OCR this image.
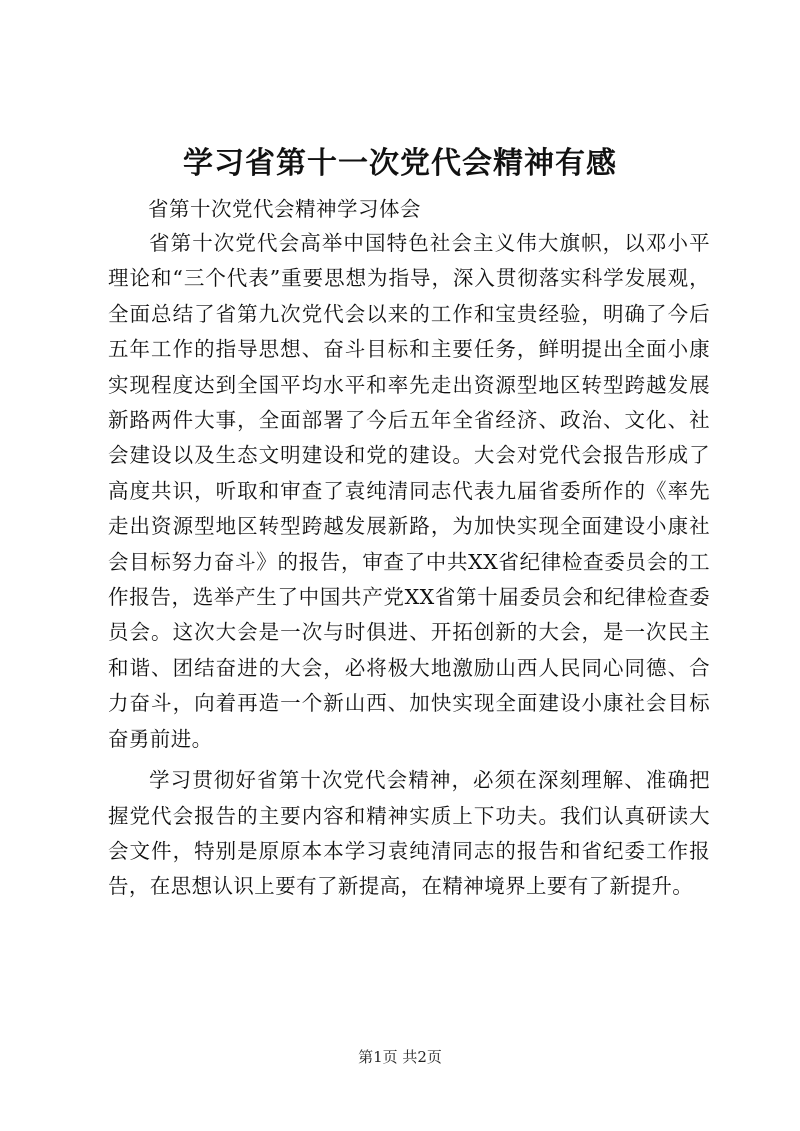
学习省第十一次党代会精神有感
省第十次党代会精神学习体会

省第十次党代会高举中国特色社会主义伟大旗帜，以邓小平理论和“三个代表”重要思想为指导，深入贯彻落实科学发展观，全面总结了省第九次党代会以来的工作和宝贵经验，明确了今后五年工作的指导思想、奋斗目标和主要任务，鲜明提出全面小康实现程度达到全国平均水平和率先走出资源型地区转型跨越发展新路两件大事，全面部署了今后五年全省经济、政治、文化、社会建设以及生态文明建设和党的建设。大会对党代会报告形成了高度共识，听取和审查了袁纯清同志代表九届省委所作的《率先走出资源型地区转型跨越发展新路，为加快实现全面建设小康社会目标努力奋斗》的报告，审查了中共XX省纪律检查委员会的工作报告，选举产生了中国共产党XX省第十届委员会和纪律检查委员会。这次大会是一次与时俱进、开拓创新的大会，是一次民主和谐、团结奋进的大会，必将极大地激励山西人民同心同德、合力奋斗，向着再造一个新山西、加快实现全面建设小康社会目标奋勇前进。

学习贯彻好省第十次党代会精神，必须在深刻理解、准确把握党代会报告的主要内容和精神实质上下功夫。我们认真研读大会文件，特别是原原本本学习袁纯清同志的报告和省纪委工作报告，在思想认识上要有了新提高，在精神境界上要有了新提升。

第1页 共2页
